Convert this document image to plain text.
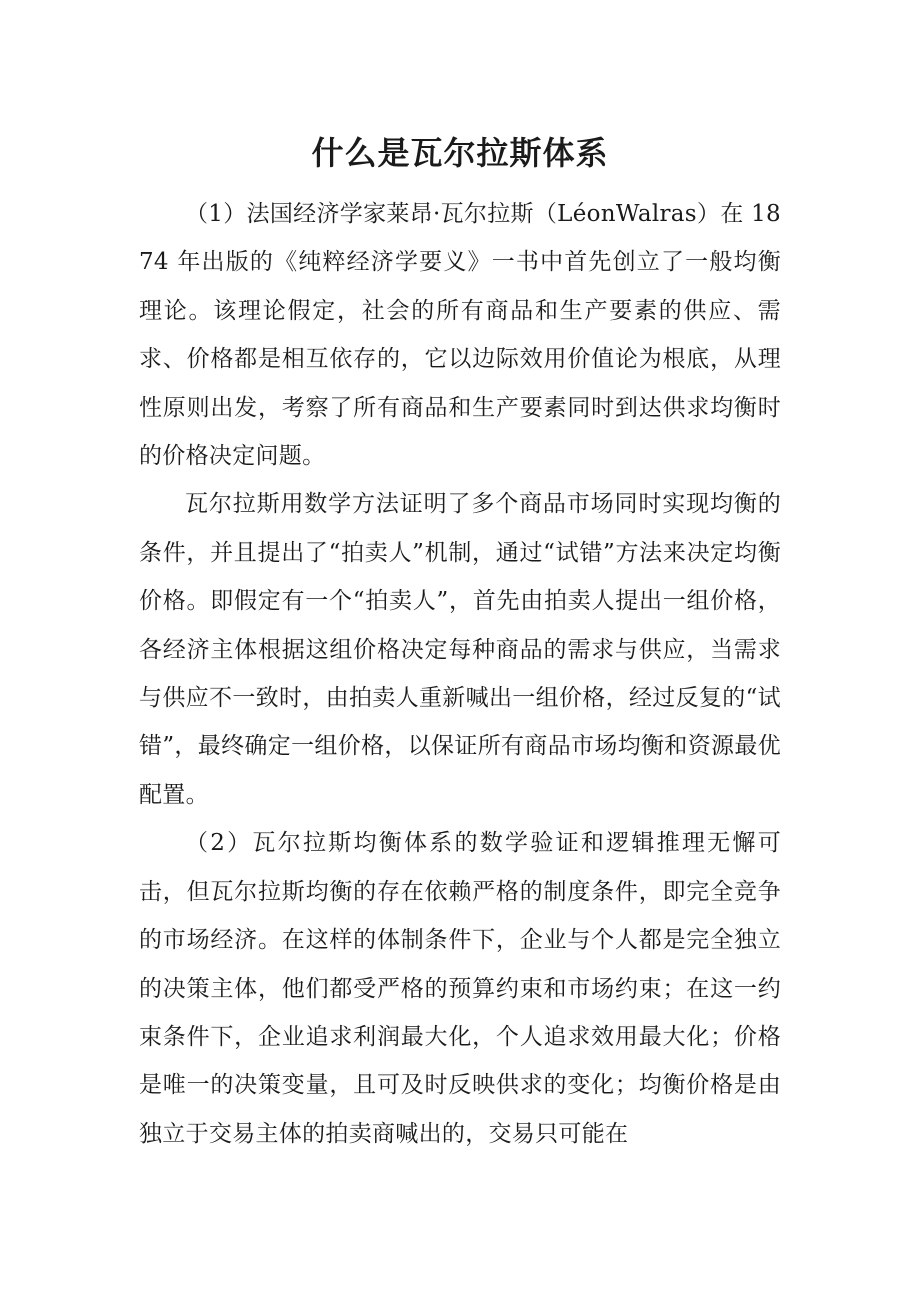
什么是瓦尔拉斯体系

（1）法国经济学家莱昂·瓦尔拉斯（LéonWalras）在 1874 年出版的《纯粹经济学要义》一书中首先创立了一般均衡理论。该理论假定，社会的所有商品和生产要素的供应、需求、价格都是相互依存的，它以边际效用价值论为根底，从理性原则出发，考察了所有商品和生产要素同时到达供求均衡时的价格决定问题。

瓦尔拉斯用数学方法证明了多个商品市场同时实现均衡的条件，并且提出了“拍卖人”机制，通过“试错”方法来决定均衡价格。即假定有一个“拍卖人”，首先由拍卖人提出一组价格，各经济主体根据这组价格决定每种商品的需求与供应，当需求与供应不一致时，由拍卖人重新喊出一组价格，经过反复的“试错”，最终确定一组价格，以保证所有商品市场均衡和资源最优配置。

（2）瓦尔拉斯均衡体系的数学验证和逻辑推理无懈可击，但瓦尔拉斯均衡的存在依赖严格的制度条件，即完全竞争的市场经济。在这样的体制条件下，企业与个人都是完全独立的决策主体，他们都受严格的预算约束和市场约束；在这一约束条件下，企业追求利润最大化，个人追求效用最大化；价格是唯一的决策变量，且可及时反映供求的变化；均衡价格是由独立于交易主体的拍卖商喊出的，交易只可能在
